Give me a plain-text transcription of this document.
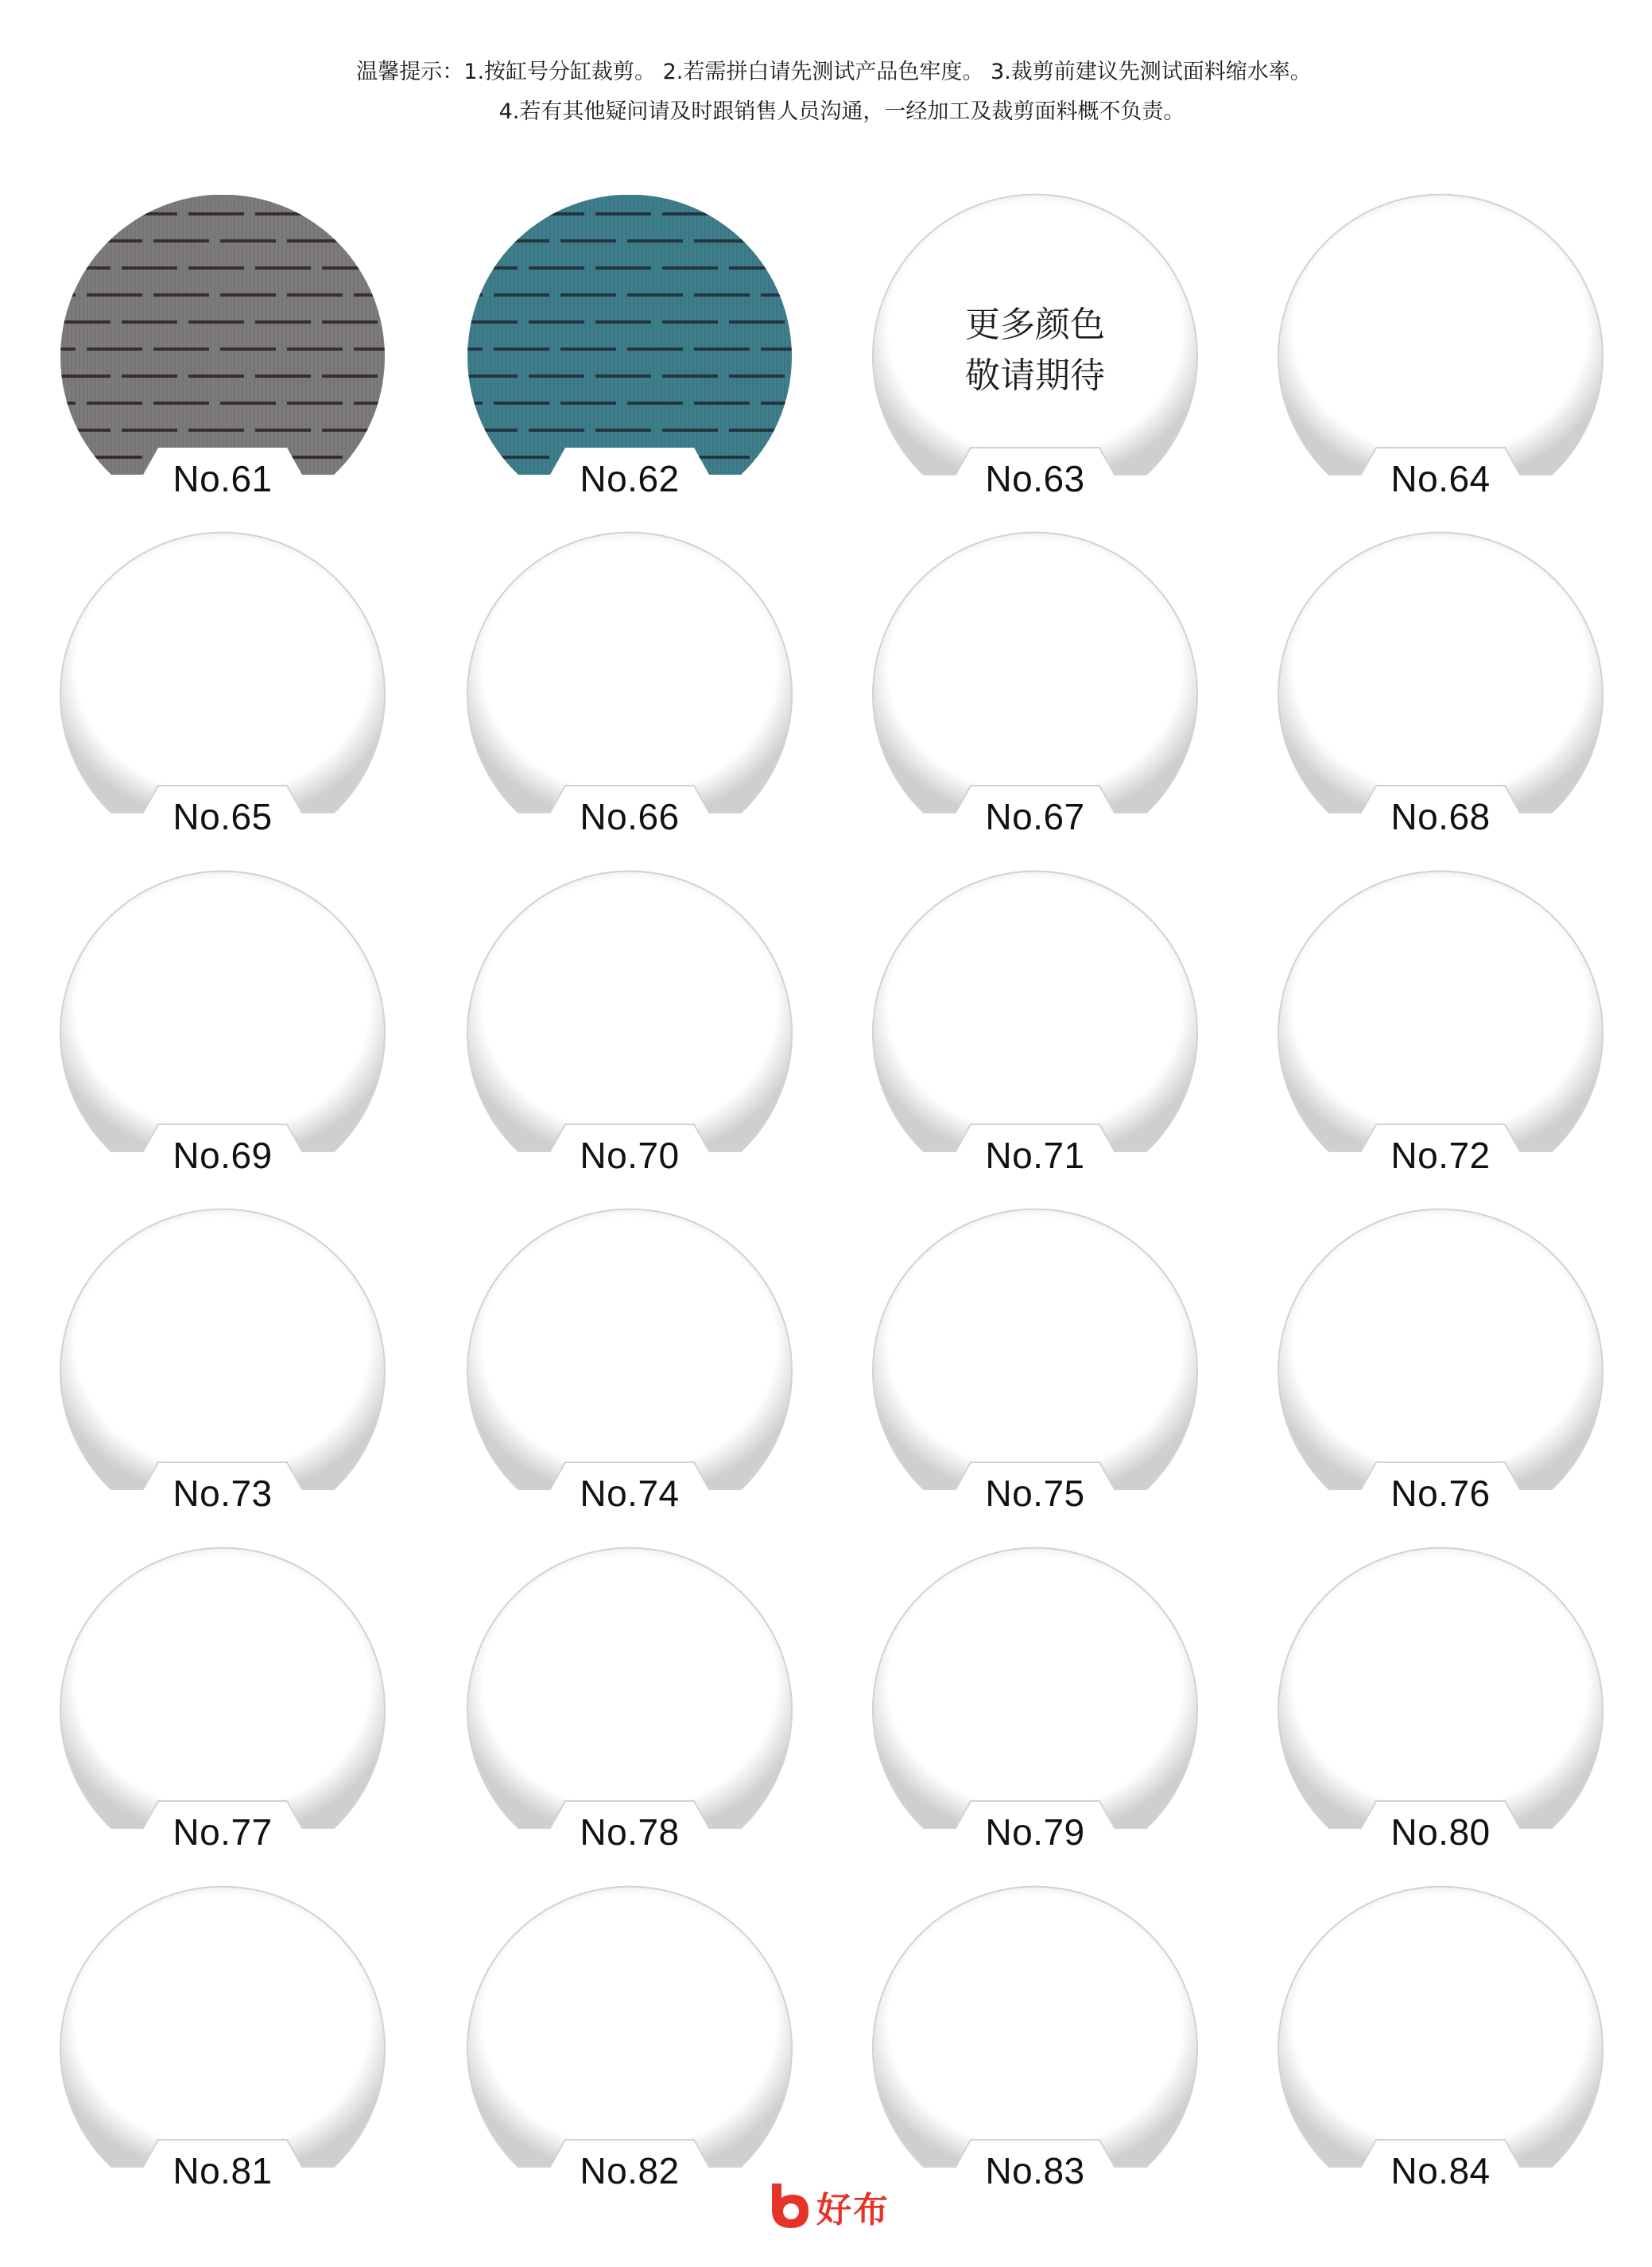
温馨提示：1.按缸号分缸裁剪。 2.若需拼白请先测试产品色牢度。 3.裁剪前建议先测试面料缩水率。
4.若有其他疑问请及时跟销售人员沟通，一经加工及裁剪面料概不负责。
No.61	No.62
更多颜色
敬请期待
No.63	No.64
No.65	No.66	No.67	No.68
No.69	No.70	No.71	No.72
No.73	No.74	No.75	No.76
No.77	No.78	No.79	No.80
No.81	No.82	No.83	No.84
好布
